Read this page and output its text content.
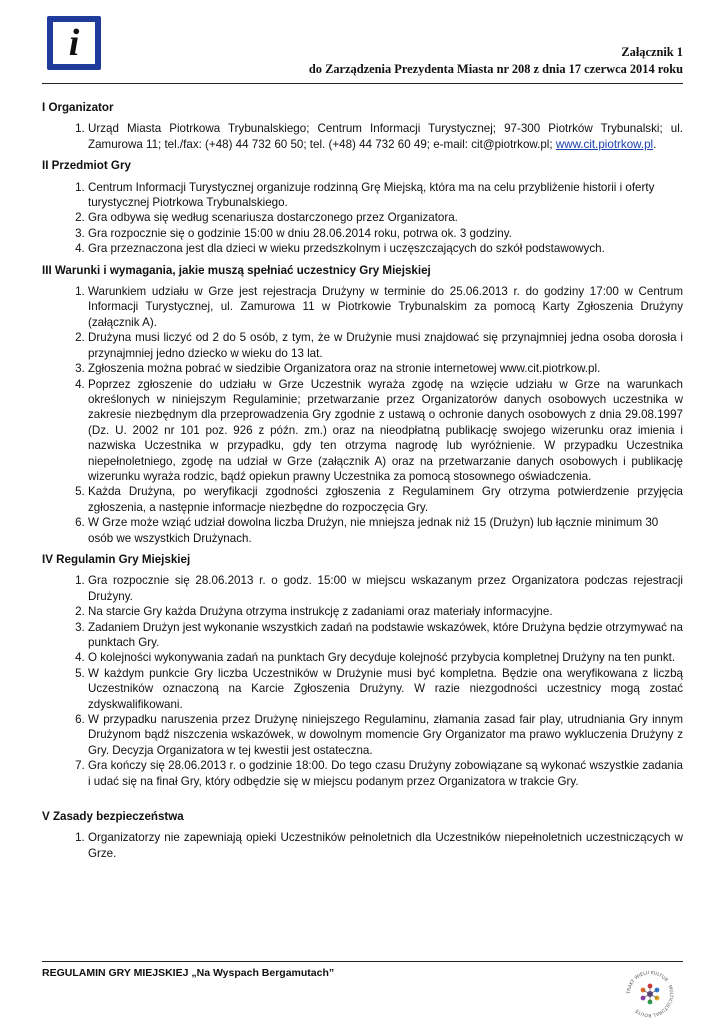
i	Załącznik 1
do Zarządzenia Prezydenta Miasta nr 208 z dnia 17 czerwca 2014 roku
I Organizator
1. Urząd Miasta Piotrkowa Trybunalskiego; Centrum Informacji Turystycznej; 97-300 Piotrków Trybunalski; ul. Zamurowa 11; tel./fax: (+48) 44 732 60 50; tel. (+48) 44 732 60 49; e-mail: cit@piotrkow.pl; www.cit.piotrkow.pl.
II Przedmiot Gry
1. Centrum Informacji Turystycznej organizuje rodzinną Grę Miejską, która ma na celu przybliżenie historii i oferty turystycznej Piotrkowa Trybunalskiego.
2. Gra odbywa się według scenariusza dostarczonego przez Organizatora.
3. Gra rozpocznie się o godzinie 15:00 w dniu 28.06.2014 roku, potrwa ok. 3 godziny.
4. Gra przeznaczona jest dla dzieci w wieku przedszkolnym i uczęszczających do szkół podstawowych.
III Warunki i wymagania, jakie muszą spełniać uczestnicy Gry Miejskiej
1. Warunkiem udziału w Grze jest rejestracja Drużyny w terminie do 25.06.2013 r. do godziny 17:00 w Centrum Informacji Turystycznej, ul. Zamurowa 11 w Piotrkowie Trybunalskim za pomocą Karty Zgłoszenia Drużyny (załącznik A).
2. Drużyna musi liczyć od 2 do 5 osób, z tym, że w Drużynie musi znajdować się przynajmniej jedna osoba dorosła i przynajmniej jedno dziecko w wieku do 13 lat.
3. Zgłoszenia można pobrać w siedzibie Organizatora oraz na stronie internetowej www.cit.piotrkow.pl.
4. Poprzez zgłoszenie do udziału w Grze Uczestnik wyraża zgodę na wzięcie udziału w Grze na warunkach określonych w niniejszym Regulaminie; przetwarzanie przez Organizatorów danych osobowych uczestnika w zakresie niezbędnym dla przeprowadzenia Gry zgodnie z ustawą o ochronie danych osobowych z dnia 29.08.1997 (Dz. U. 2002 nr 101 poz. 926 z późn. zm.) oraz na nieodpłatną publikację swojego wizerunku oraz imienia i nazwiska Uczestnika w przypadku, gdy ten otrzyma nagrodę lub wyróżnienie. W przypadku Uczestnika niepełnoletniego, zgodę na udział w Grze (załącznik A) oraz na przetwarzanie danych osobowych i publikację wizerunku wyraża rodzic, bądź opiekun prawny Uczestnika za pomocą stosownego oświadczenia.
5. Każda Drużyna, po weryfikacji zgodności zgłoszenia z Regulaminem Gry otrzyma potwierdzenie przyjęcia zgłoszenia, a następnie informacje niezbędne do rozpoczęcia Gry.
6. W Grze może wziąć udział dowolna liczba Drużyn, nie mniejsza jednak niż 15 (Drużyn) lub łącznie minimum 30 osób we wszystkich Drużynach.
IV Regulamin Gry Miejskiej
1. Gra rozpocznie się 28.06.2013 r. o godz. 15:00 w miejscu wskazanym przez Organizatora podczas rejestracji Drużyny.
2. Na starcie Gry każda Drużyna otrzyma instrukcję z zadaniami oraz materiały informacyjne.
3. Zadaniem Drużyn jest wykonanie wszystkich zadań na podstawie wskazówek, które Drużyna będzie otrzymywać na punktach Gry.
4. O kolejności wykonywania zadań na punktach Gry decyduje kolejność przybycia kompletnej Drużyny na ten punkt.
5. W każdym punkcie Gry liczba Uczestników w Drużynie musi być kompletna. Będzie ona weryfikowana z liczbą Uczestników oznaczoną na Karcie Zgłoszenia Drużyny. W razie niezgodności uczestnicy mogą zostać zdyskwalifikowani.
6. W przypadku naruszenia przez Drużynę niniejszego Regulaminu, złamania zasad fair play, utrudniania Gry innym Drużynom bądź niszczenia wskazówek, w dowolnym momencie Gry Organizator ma prawo wykluczenia Drużyny z Gry. Decyzja Organizatora w tej kwestii jest ostateczna.
7. Gra kończy się 28.06.2013 r. o godzinie 18:00. Do tego czasu Drużyny zobowiązane są wykonać wszystkie zadania i udać się na finał Gry, który odbędzie się w miejscu podanym przez Organizatora w trakcie Gry.
V Zasady bezpieczeństwa
1. Organizatorzy nie zapewniają opieki Uczestników pełnoletnich dla Uczestników niepełnoletnich uczestniczących w Grze.
REGULAMIN GRY MIEJSKIEJ „Na Wyspach Bergamutach”
TRAKT WIELU KULTUR · MULTICULTURAL ROUTE
